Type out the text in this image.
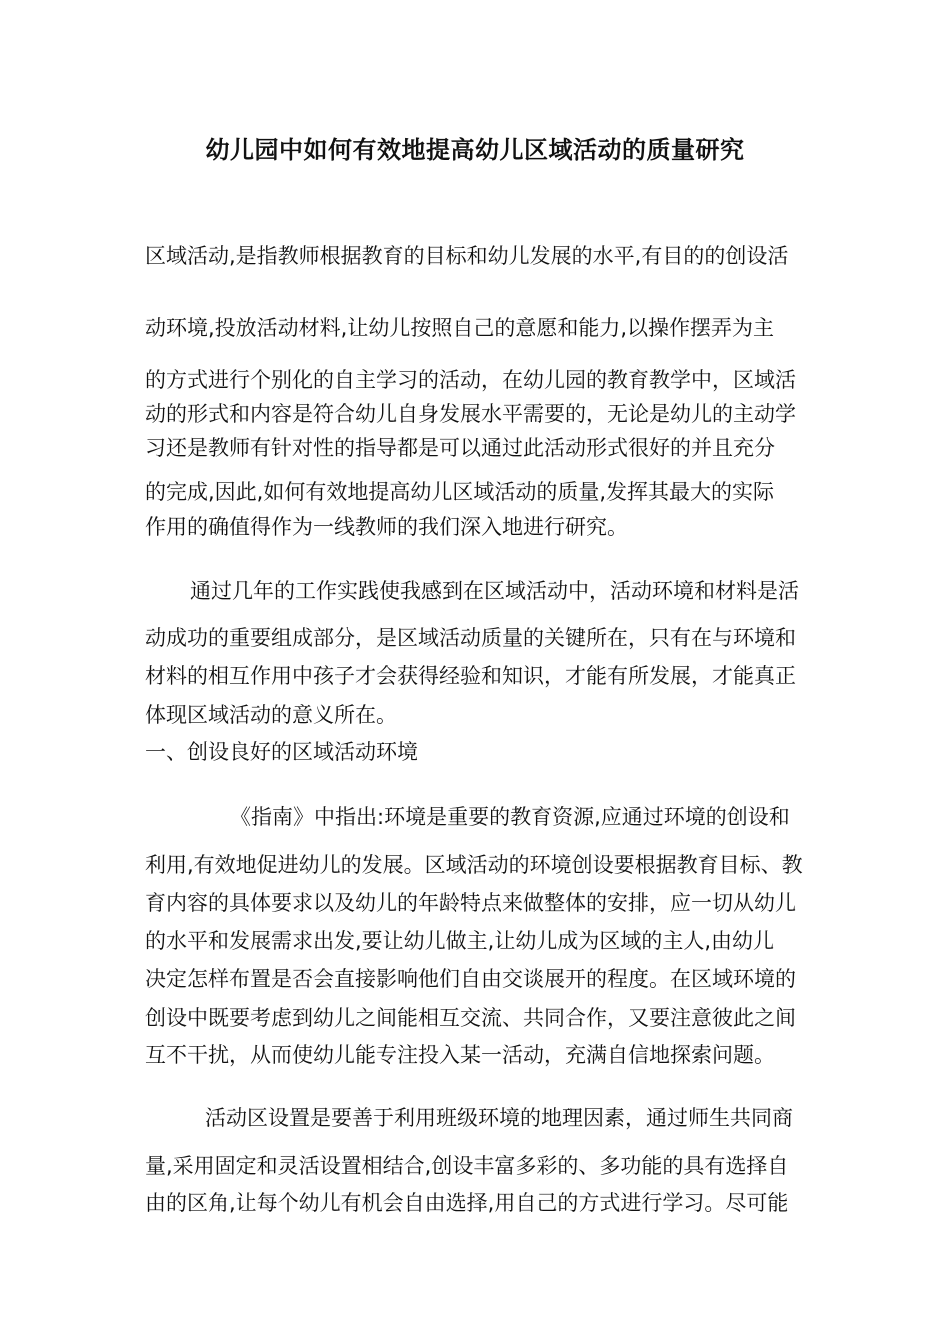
幼儿园中如何有效地提高幼儿区域活动的质量研究

区域活动,是指教师根据教育的目标和幼儿发展的水平,有目的的创设活

动环境,投放活动材料,让幼儿按照自己的意愿和能力,以操作摆弄为主

的方式进行个别化的自主学习的活动，在幼儿园的教育教学中，区域活

动的形式和内容是符合幼儿自身发展水平需要的，无论是幼儿的主动学

习还是教师有针对性的指导都是可以通过此活动形式很好的并且充分

的完成,因此,如何有效地提高幼儿区域活动的质量,发挥其最大的实际

作用的确值得作为一线教师的我们深入地进行研究。

通过几年的工作实践使我感到在区域活动中，活动环境和材料是活

动成功的重要组成部分，是区域活动质量的关键所在，只有在与环境和

材料的相互作用中孩子才会获得经验和知识，才能有所发展，才能真正

体现区域活动的意义所在。

一、创设良好的区域活动环境

《指南》中指出:环境是重要的教育资源,应通过环境的创设和

利用,有效地促进幼儿的发展。区域活动的环境创设要根据教育目标、教

育内容的具体要求以及幼儿的年龄特点来做整体的安排，应一切从幼儿

的水平和发展需求出发,要让幼儿做主,让幼儿成为区域的主人,由幼儿

决定怎样布置是否会直接影响他们自由交谈展开的程度。在区域环境的

创设中既要考虑到幼儿之间能相互交流、共同合作，又要注意彼此之间

互不干扰，从而使幼儿能专注投入某一活动，充满自信地探索问题。

活动区设置是要善于利用班级环境的地理因素，通过师生共同商

量,采用固定和灵活设置相结合,创设丰富多彩的、多功能的具有选择自

由的区角,让每个幼儿有机会自由选择,用自己的方式进行学习。尽可能
